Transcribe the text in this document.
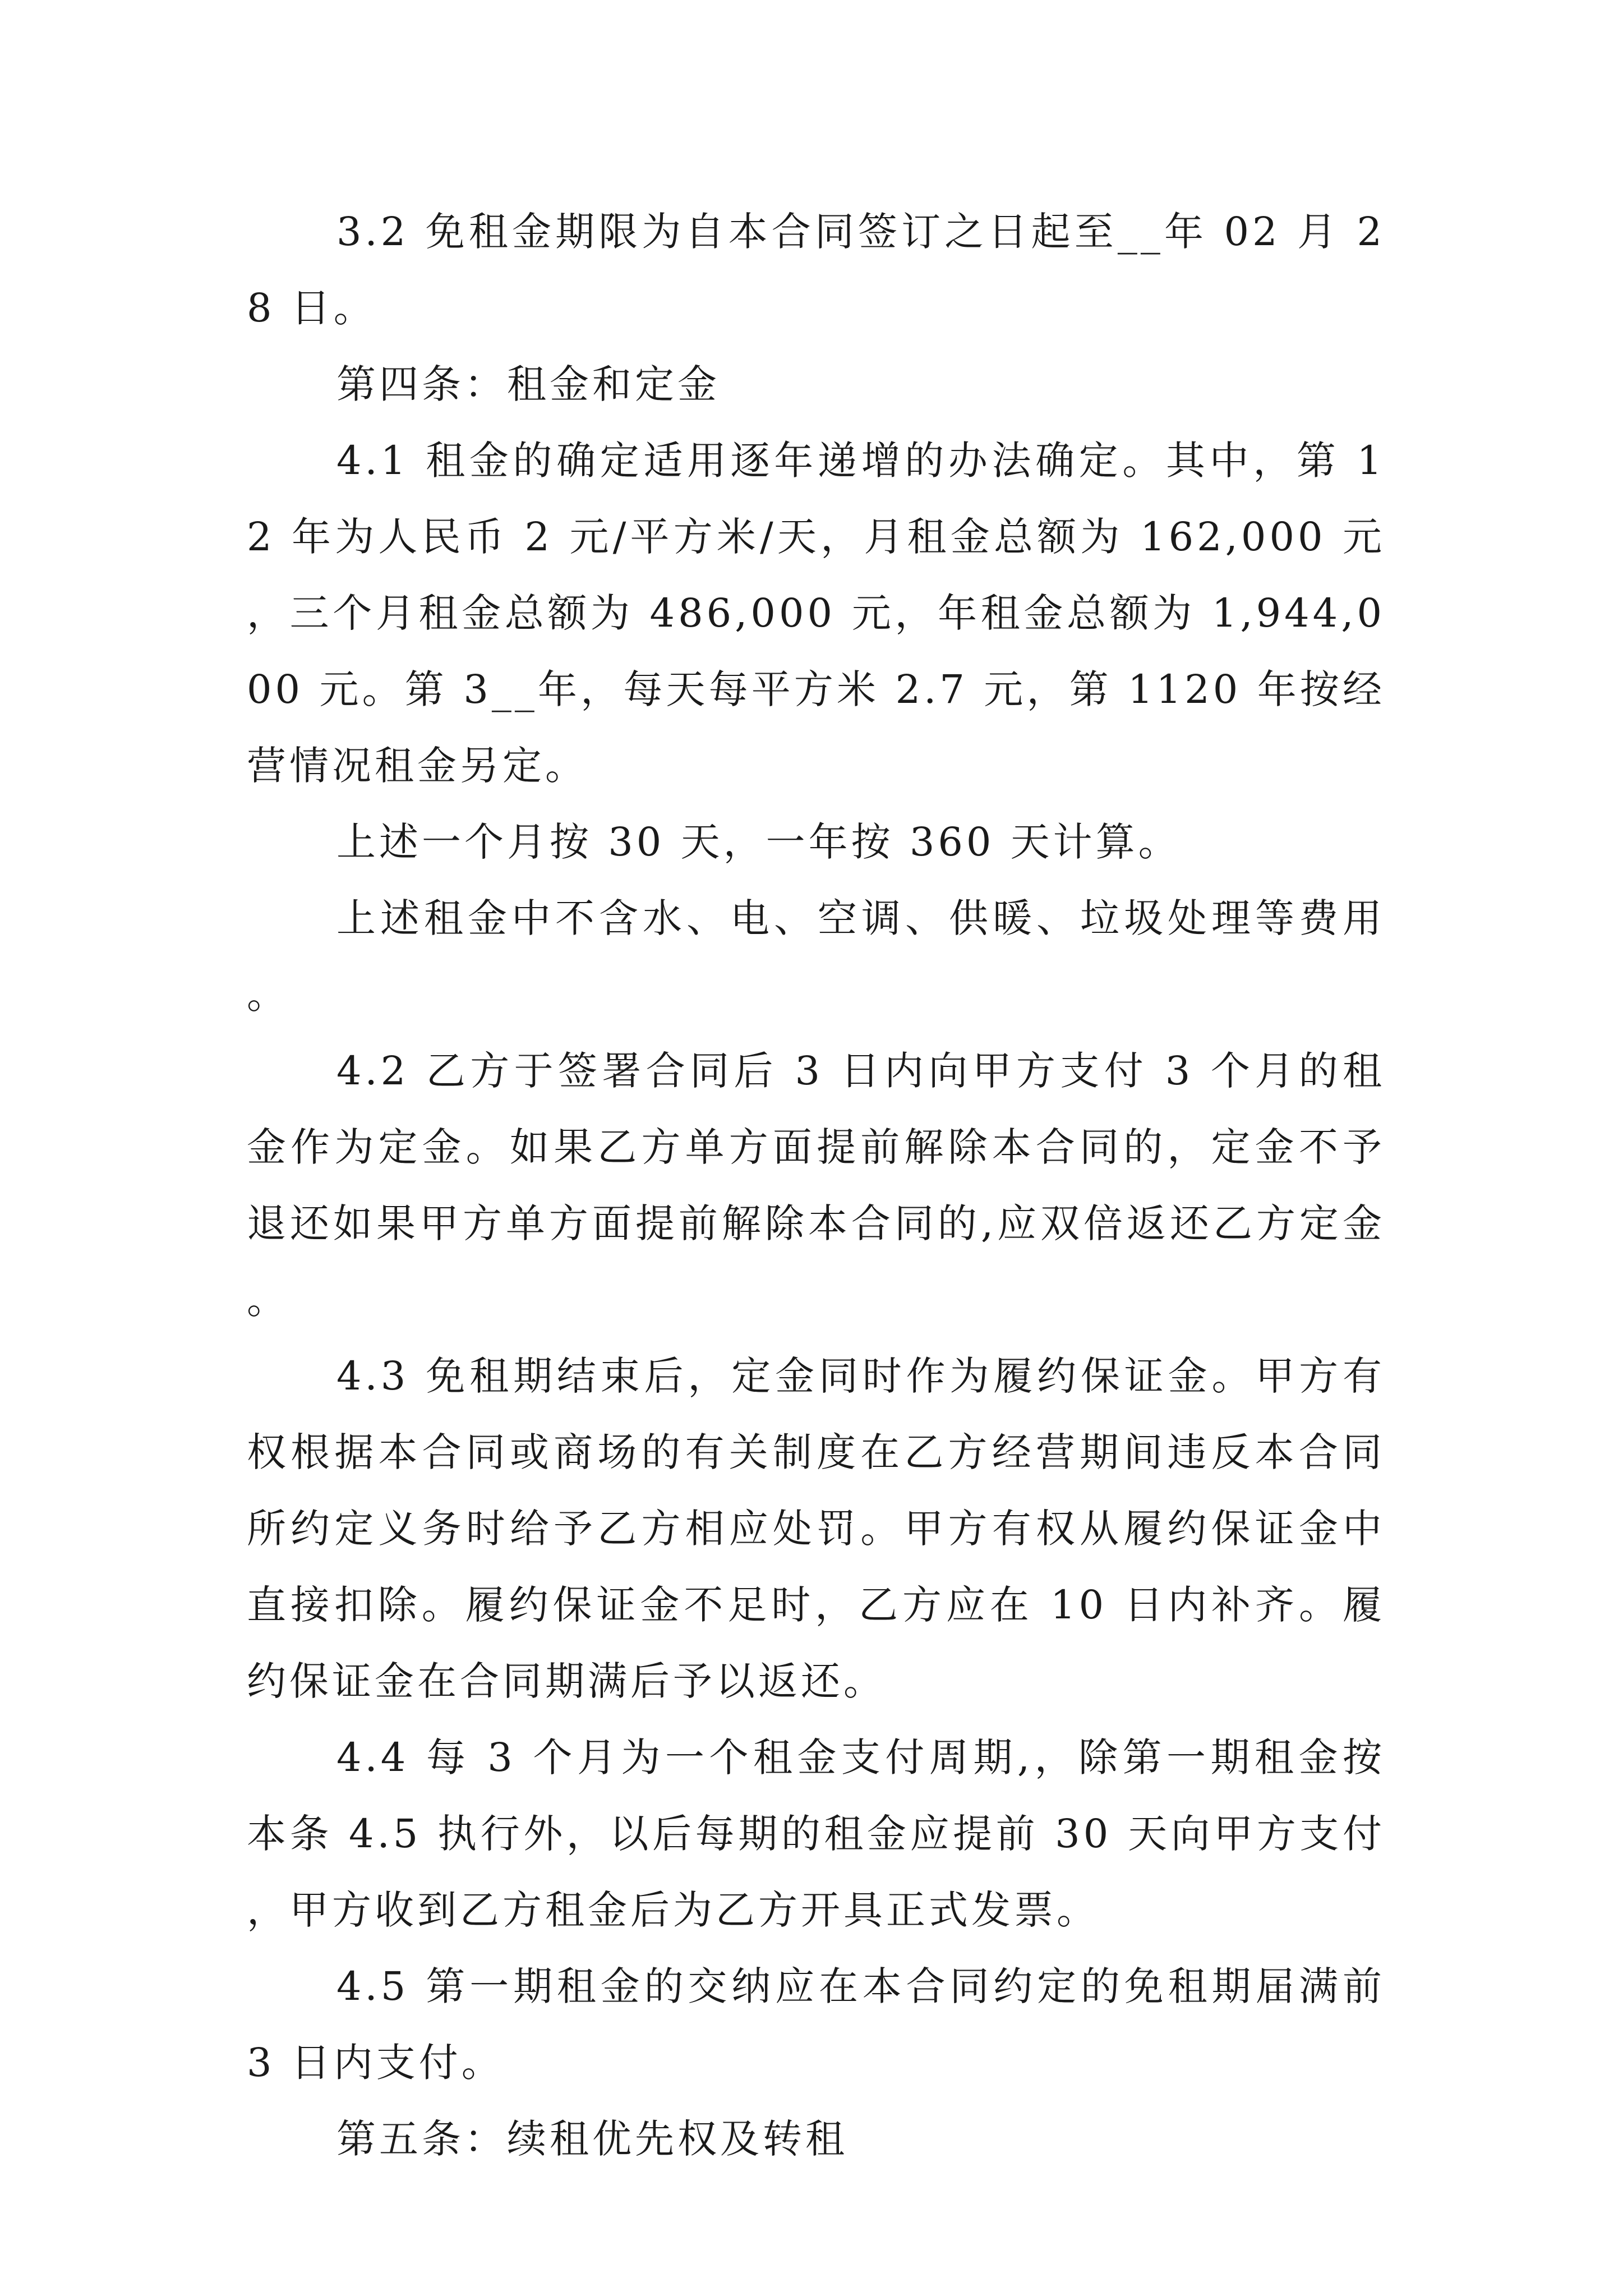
3.2 免租金期限为自本合同签订之日起至__年 02 月 28 日。

第四条：租金和定金

4.1 租金的确定适用逐年递增的办法确定。其中，第 12 年为人民币 2 元/平方米/天，月租金总额为 162,000 元，三个月租金总额为 486,000 元，年租金总额为 1,944,000 元。第 3__年，每天每平方米 2.7 元，第 1120 年按经营情况租金另定。

上述一个月按 30 天，一年按 360 天计算。

上述租金中不含水、电、空调、供暖、垃圾处理等费用。

4.2 乙方于签署合同后 3 日内向甲方支付 3 个月的租金作为定金。如果乙方单方面提前解除本合同的，定金不予退还如果甲方单方面提前解除本合同的,应双倍返还乙方定金。

4.3 免租期结束后，定金同时作为履约保证金。甲方有权根据本合同或商场的有关制度在乙方经营期间违反本合同所约定义务时给予乙方相应处罚。甲方有权从履约保证金中直接扣除。履约保证金不足时，乙方应在 10 日内补齐。履约保证金在合同期满后予以返还。

4.4 每 3 个月为一个租金支付周期,，除第一期租金按本条 4.5 执行外，以后每期的租金应提前 30 天向甲方支付，甲方收到乙方租金后为乙方开具正式发票。

4.5 第一期租金的交纳应在本合同约定的免租期届满前 3 日内支付。

第五条：续租优先权及转租
